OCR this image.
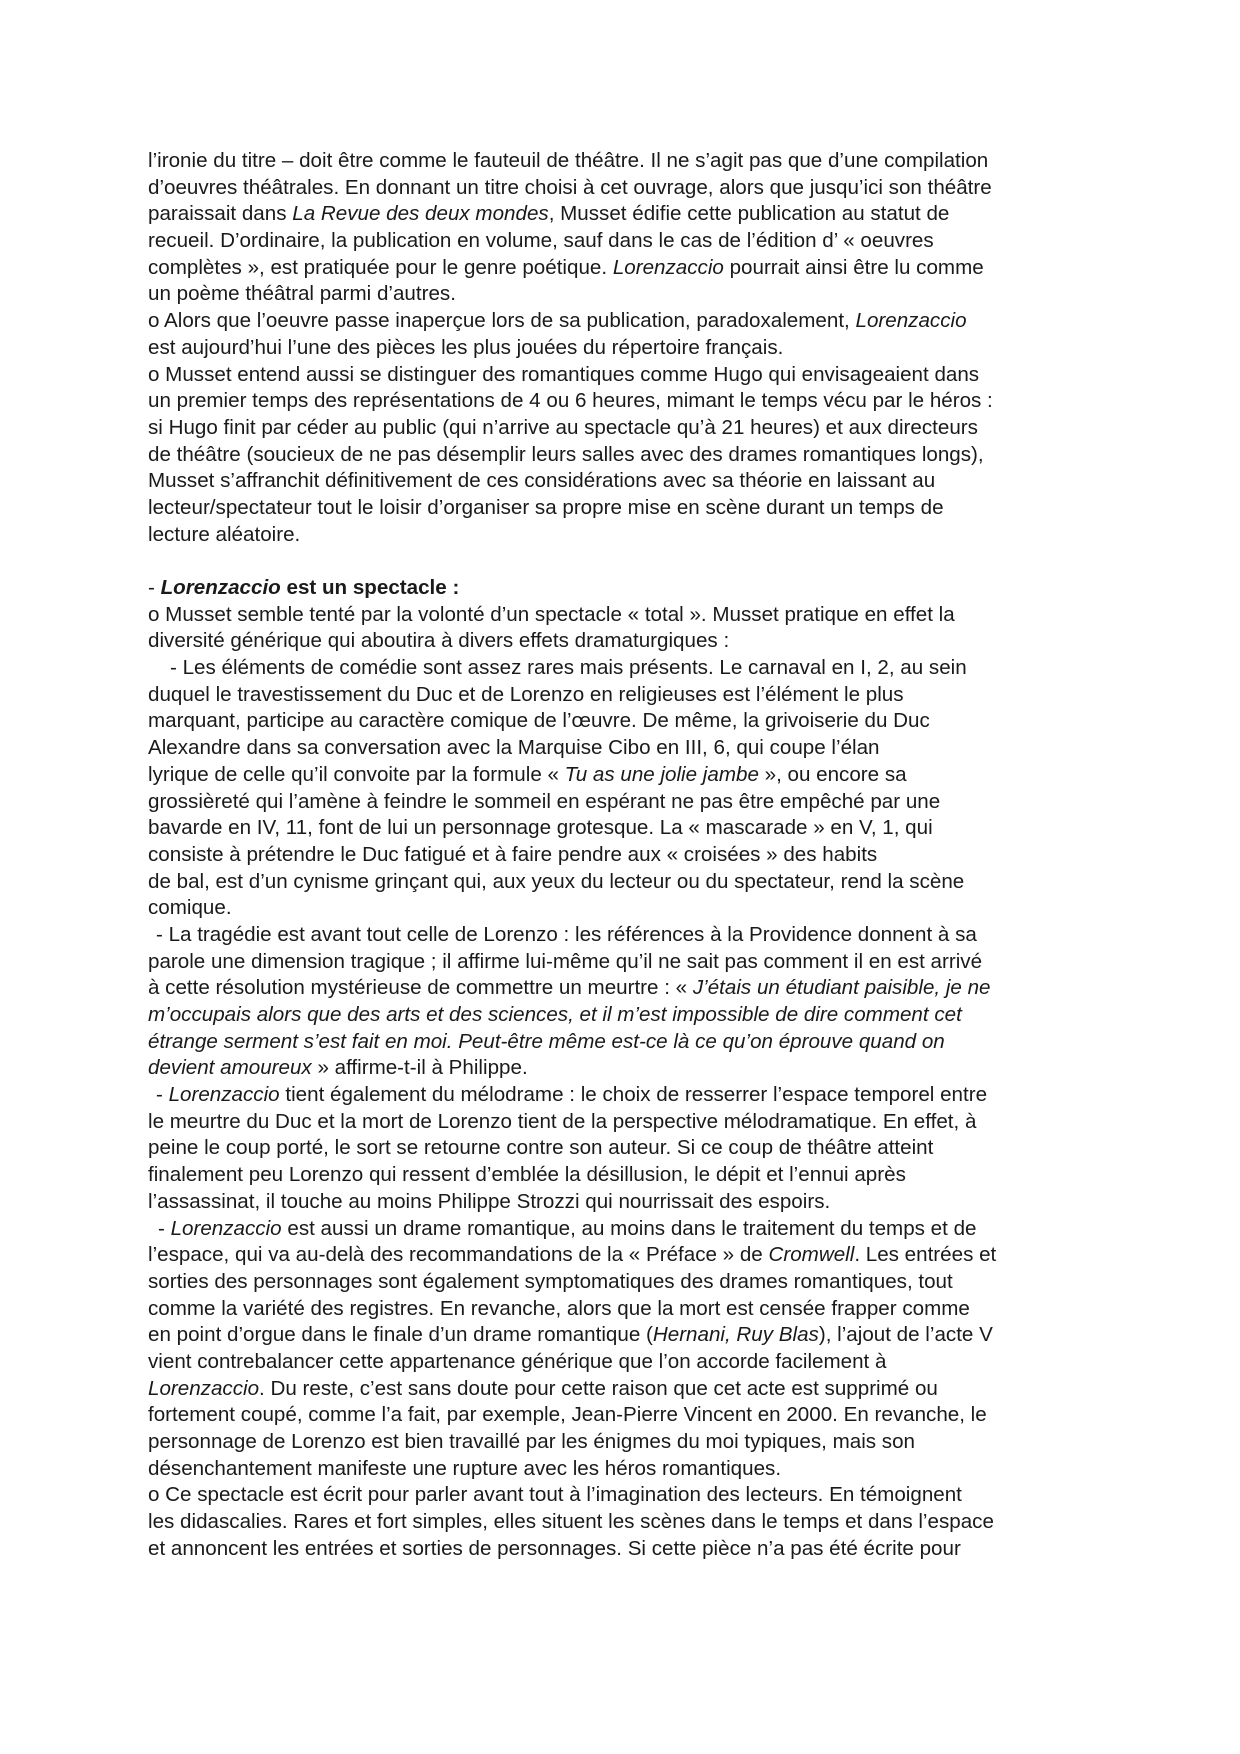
l’ironie du titre – doit être comme le fauteuil de théâtre. Il ne s’agit pas que d’une compilation
d’oeuvres théâtrales. En donnant un titre choisi à cet ouvrage, alors que jusqu’ici son théâtre
paraissait dans La Revue des deux mondes, Musset édifie cette publication au statut de
recueil. D’ordinaire, la publication en volume, sauf dans le cas de l’édition d’ « oeuvres
complètes », est pratiquée pour le genre poétique. Lorenzaccio pourrait ainsi être lu comme
un poème théâtral parmi d’autres.
o Alors que l’oeuvre passe inaperçue lors de sa publication, paradoxalement, Lorenzaccio
est aujourd’hui l’une des pièces les plus jouées du répertoire français.
o Musset entend aussi se distinguer des romantiques comme Hugo qui envisageaient dans
un premier temps des représentations de 4 ou 6 heures, mimant le temps vécu par le héros :
si Hugo finit par céder au public (qui n’arrive au spectacle qu’à 21 heures) et aux directeurs
de théâtre (soucieux de ne pas désemplir leurs salles avec des drames romantiques longs),
Musset s’affranchit définitivement de ces considérations avec sa théorie en laissant au
lecteur/spectateur tout le loisir d’organiser sa propre mise en scène durant un temps de
lecture aléatoire.
- Lorenzaccio est un spectacle :
o Musset semble tenté par la volonté d’un spectacle « total ». Musset pratique en effet la
diversité générique qui aboutira à divers effets dramaturgiques :
- Les éléments de comédie sont assez rares mais présents. Le carnaval en I, 2, au sein
duquel le travestissement du Duc et de Lorenzo en religieuses est l’élément le plus
marquant, participe au caractère comique de l’œuvre. De même, la grivoiserie du Duc
Alexandre dans sa conversation avec la Marquise Cibo en III, 6, qui coupe l’élan
lyrique de celle qu’il convoite par la formule « Tu as une jolie jambe », ou encore sa
grossièreté qui l’amène à feindre le sommeil en espérant ne pas être empêché par une
bavarde en IV, 11, font de lui un personnage grotesque. La « mascarade » en V, 1, qui
consiste à prétendre le Duc fatigué et à faire pendre aux « croisées » des habits
de bal, est d’un cynisme grinçant qui, aux yeux du lecteur ou du spectateur, rend la scène
comique.
- La tragédie est avant tout celle de Lorenzo : les références à la Providence donnent à sa
parole une dimension tragique ; il affirme lui-même qu’il ne sait pas comment il en est arrivé
à cette résolution mystérieuse de commettre un meurtre : « J’étais un étudiant paisible, je ne
m’occupais alors que des arts et des sciences, et il m’est impossible de dire comment cet
étrange serment s’est fait en moi. Peut-être même est-ce là ce qu’on éprouve quand on
devient amoureux » affirme-t-il à Philippe.
- Lorenzaccio tient également du mélodrame : le choix de resserrer l’espace temporel entre
le meurtre du Duc et la mort de Lorenzo tient de la perspective mélodramatique. En effet, à
peine le coup porté, le sort se retourne contre son auteur. Si ce coup de théâtre atteint
finalement peu Lorenzo qui ressent d’emblée la désillusion, le dépit et l’ennui après
l’assassinat, il touche au moins Philippe Strozzi qui nourrissait des espoirs.
- Lorenzaccio est aussi un drame romantique, au moins dans le traitement du temps et de
l’espace, qui va au-delà des recommandations de la « Préface » de Cromwell. Les entrées et
sorties des personnages sont également symptomatiques des drames romantiques, tout
comme la variété des registres. En revanche, alors que la mort est censée frapper comme
en point d’orgue dans le finale d’un drame romantique (Hernani, Ruy Blas), l’ajout de l’acte V
vient contrebalancer cette appartenance générique que l’on accorde facilement à
Lorenzaccio. Du reste, c’est sans doute pour cette raison que cet acte est supprimé ou
fortement coupé, comme l’a fait, par exemple, Jean-Pierre Vincent en 2000. En revanche, le
personnage de Lorenzo est bien travaillé par les énigmes du moi typiques, mais son
désenchantement manifeste une rupture avec les héros romantiques.
o Ce spectacle est écrit pour parler avant tout à l’imagination des lecteurs. En témoignent
les didascalies. Rares et fort simples, elles situent les scènes dans le temps et dans l’espace
et annoncent les entrées et sorties de personnages. Si cette pièce n’a pas été écrite pour
